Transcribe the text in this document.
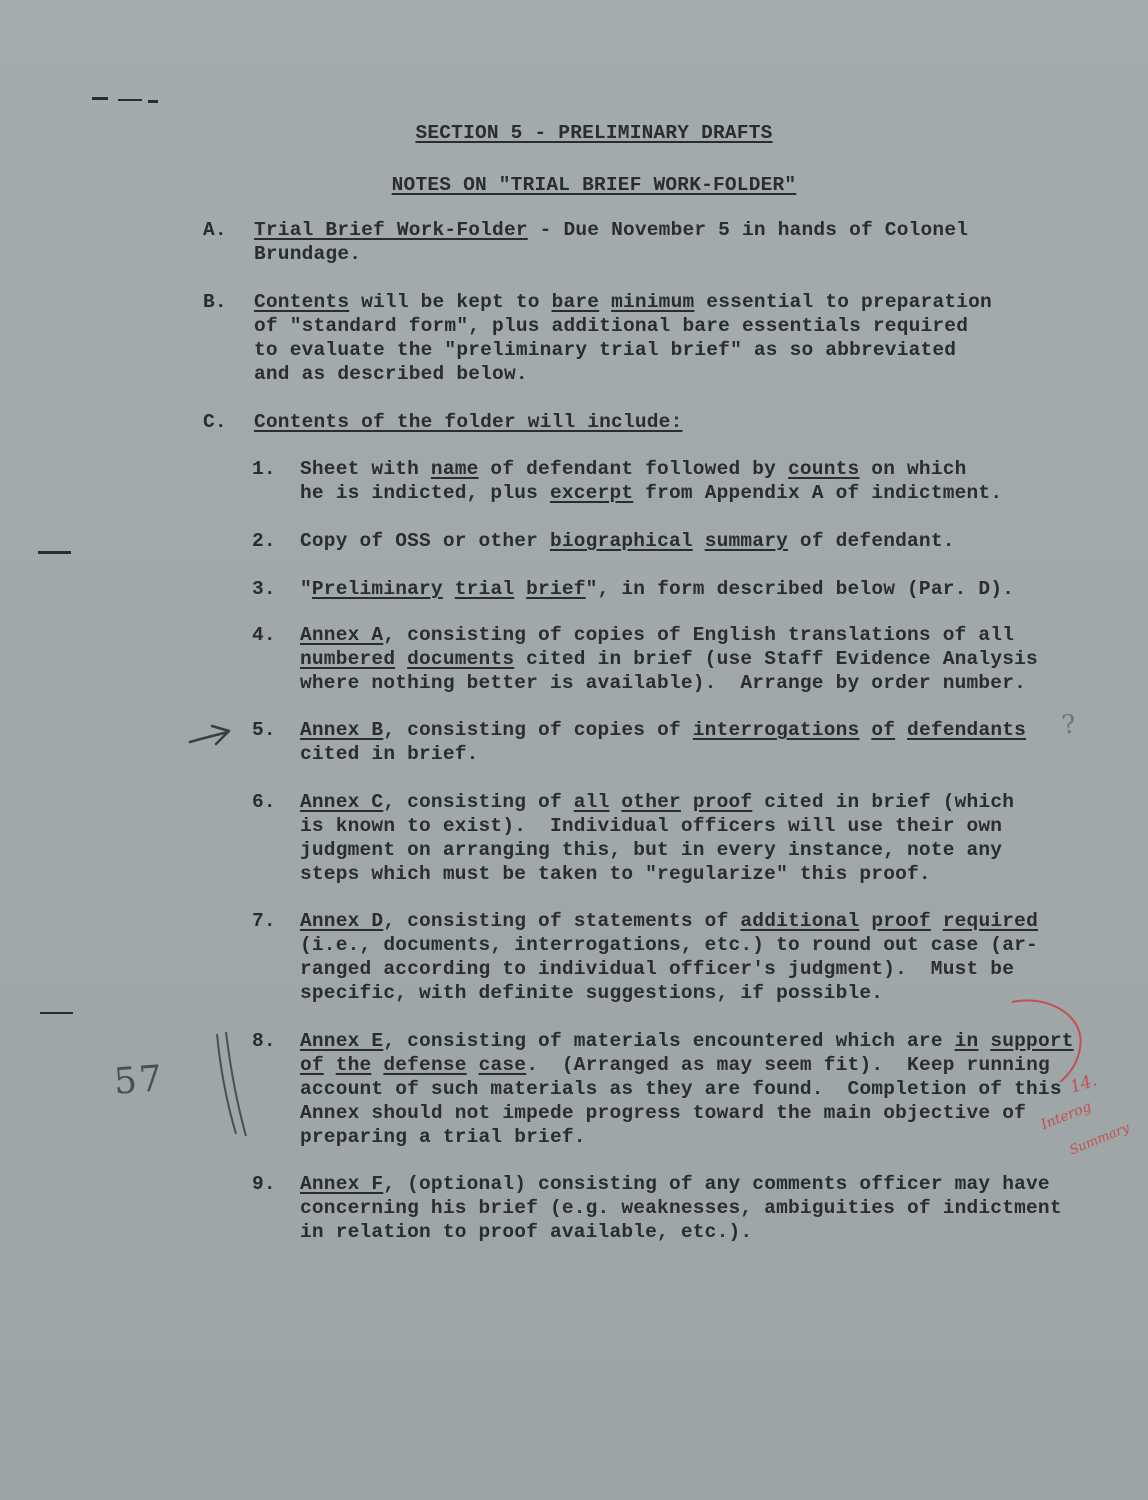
SECTION 5 - PRELIMINARY DRAFTS
NOTES ON "TRIAL BRIEF WORK-FOLDER"
A. Trial Brief Work-Folder - Due November 5 in hands of Colonel
Brundage.
B. Contents will be kept to bare minimum essential to preparation
of "standard form", plus additional bare essentials required
to evaluate the "preliminary trial brief" as so abbreviated
and as described below.
C. Contents of the folder will include:
1. Sheet with name of defendant followed by counts on which
he is indicted, plus excerpt from Appendix A of indictment.
2. Copy of OSS or other biographical summary of defendant.
3. "Preliminary trial brief", in form described below (Par. D).
4. Annex A, consisting of copies of English translations of all
numbered documents cited in brief (use Staff Evidence Analysis
where nothing better is available).  Arrange by order number.
5. Annex B, consisting of copies of interrogations of defendants
cited in brief.
6. Annex C, consisting of all other proof cited in brief (which
is known to exist).  Individual officers will use their own
judgment on arranging this, but in every instance, note any
steps which must be taken to "regularize" this proof.
7. Annex D, consisting of statements of additional proof required
(i.e., documents, interrogations, etc.) to round out case (ar-
ranged according to individual officer's judgment).  Must be
specific, with definite suggestions, if possible.
8. Annex E, consisting of materials encountered which are in support
of the defense case.  (Arranged as may seem fit).  Keep running
account of such materials as they are found.  Completion of this
Annex should not impede progress toward the main objective of
preparing a trial brief.
9. Annex F, (optional) consisting of any comments officer may have
concerning his brief (e.g. weaknesses, ambiguities of indictment
in relation to proof available, etc.).
?
57	14.
Interog
Summary
